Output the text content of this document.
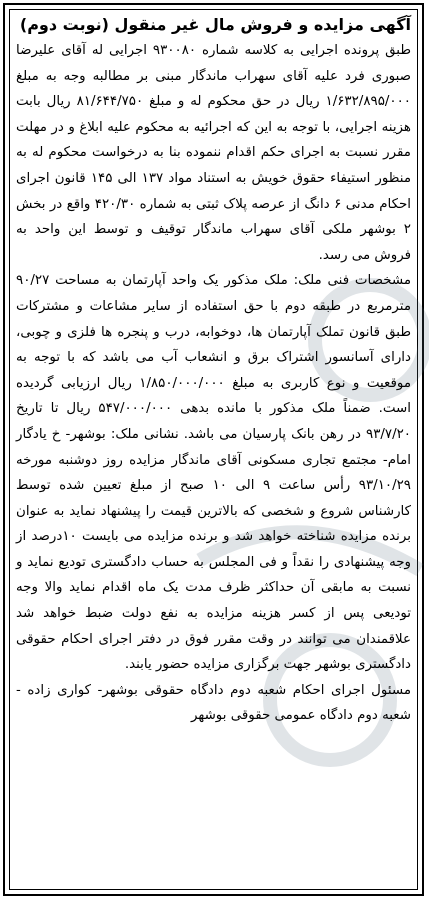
آگهی مزایده و فروش مال غیر منقول (نوبت دوم)

طبق پرونده اجرایی به کلاسه شماره ۹۳۰۰۸۰ اجرایی له آقای علیرضا صبوری فرد علیه آقای سهراب ماندگار مبنی بر مطالبه وجه به مبلغ ۱/۶۳۲/۸۹۵/۰۰۰ ریال در حق محکوم له و مبلغ ۸۱/۶۴۴/۷۵۰ ریال بابت هزینه اجرایی، با توجه به این که اجرائیه به محکوم علیه ابلاغ و در مهلت مقرر نسبت به اجرای حکم اقدام ننموده بنا به درخواست محکوم له به منظور استیفاء حقوق خویش به استناد مواد ۱۳۷ الی ۱۴۵ قانون اجرای احکام مدنی ۶ دانگ از عرصه پلاک ثبتی به شماره ۴۲۰/۳۰ واقع در بخش ۲ بوشهر ملکی آقای سهراب ماندگار توقیف و توسط این واحد به فروش می رسد.

مشخصات فنی ملک: ملک مذکور یک واحد آپارتمان به مساحت ۹۰/۲۷ مترمربع در طبقه دوم با حق استفاده از سایر مشاعات و مشترکات طبق قانون تملک آپارتمان ها، دوخوابه، درب و پنجره ها فلزی و چوبی، دارای آسانسور اشتراک برق و انشعاب آب می باشد که با توجه به موقعیت و نوع کاربری به مبلغ ۱/۸۵۰/۰۰۰/۰۰۰ ریال ارزیابی گردیده است. ضمناً ملک مذکور با مانده بدهی ۵۴۷/۰۰۰/۰۰۰ ریال تا تاریخ ۹۳/۷/۲۰ در رهن بانک پارسیان می باشد. نشانی ملک: بوشهر- خ یادگار امام- مجتمع تجاری مسکونی آقای ماندگار مزایده روز دوشنبه مورخه ۹۳/۱۰/۲۹ رأس ساعت ۹ الی ۱۰ صبح از مبلغ تعیین شده توسط کارشناس شروع و شخصی که بالاترین قیمت را پیشنهاد نماید به عنوان برنده مزایده شناخته خواهد شد و برنده مزایده می بایست ۱۰درصد از وجه پیشنهادی را نقداً و فی المجلس به حساب دادگستری تودیع نماید و نسبت به مابقی آن حداکثر ظرف مدت یک ماه اقدام نماید والا وجه تودیعی پس از کسر هزینه مزایده به نفع دولت ضبط خواهد شد علاقمندان می توانند در وقت مقرر فوق در دفتر اجرای احکام حقوقی دادگستری بوشهر جهت برگزاری مزایده حضور یابند.

مسئول اجرای احکام شعبه دوم دادگاه حقوقی بوشهر- کواری زاده - شعبه دوم دادگاه عمومی حقوقی بوشهر
